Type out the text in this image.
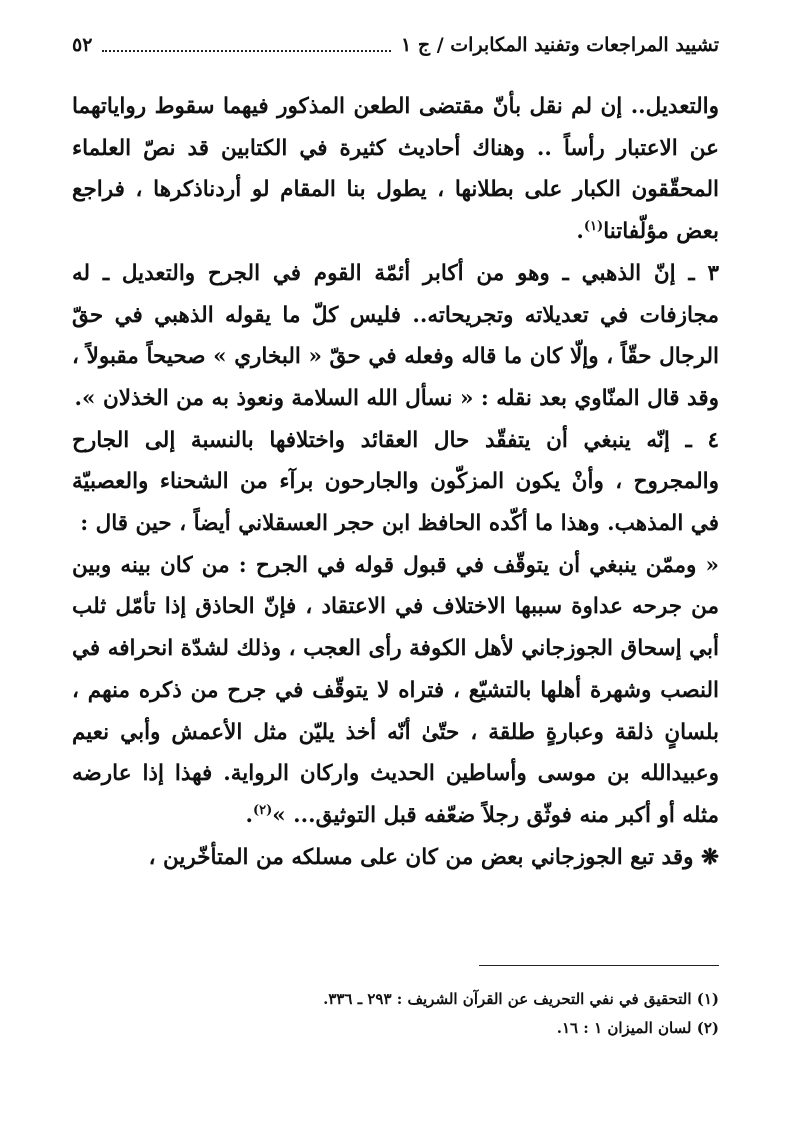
تشييد المراجعات وتفنيد المكابرات / ج ١
٥٢

والتعديل.. إن لم نقل بأنّ مقتضى الطعن المذكور فيهما سقوط رواياتهما عن الاعتبار رأساً .. وهناك أحاديث كثيرة في الكتابين قد نصّ العلماء المحقّقون الكبار على بطلانها ، يطول بنا المقام لو أردناذكرها ، فراجع بعض مؤلّفاتنا$^{(١)}$.

٣ ـ إنّ الذهبي ـ وهو من أكابر أئمّة القوم في الجرح والتعديل ـ له مجازفات في تعديلاته وتجريحاته.. فليس كلّ ما يقوله الذهبي في حقّ الرجال حقّاً ، وإلّا كان ما قاله وفعله في حقّ « البخاري » صحيحاً مقبولاً ، وقد قال المنّاوي بعد نقله : « نسأل الله السلامة ونعوذ به من الخذلان ».

٤ ـ إنّه ينبغي أن يتفقّد حال العقائد واختلافها بالنسبة إلى الجارح والمجروح ، وأنْ يكون المزكّون والجارحون برآء من الشحناء والعصبيّة في المذهب. وهذا ما أكّده الحافظ ابن حجر العسقلاني أيضاً ، حين قال :

« وممّن ينبغي أن يتوقّف في قبول قوله في الجرح : من كان بينه وبين من جرحه عداوة سببها الاختلاف في الاعتقاد ، فإنّ الحاذق إذا تأمّل ثلب أبي إسحاق الجوزجاني لأهل الكوفة رأى العجب ، وذلك لشدّة انحرافه في النصب وشهرة أهلها بالتشيّع ، فتراه لا يتوقّف في جرح من ذكره منهم ، بلسانٍ ذلقة وعبارةٍ طلقة ، حتّىٰ أنّه أخذ يليّن مثل الأعمش وأبي نعيم وعبيدالله بن موسى وأساطين الحديث واركان الرواية. فهذا إذا عارضه مثله أو أكبر منه فوثّق رجلاً ضعّفه قبل التوثيق... »$^{(٢)}$.

❋ وقد تبع الجوزجاني بعض من كان على مسلكه من المتأخّرين ،

(١) التحقيق في نفي التحريف عن القرآن الشريف : ٢٩٣ ـ ٣٣٦.

(٢) لسان الميزان ١ : ١٦.
